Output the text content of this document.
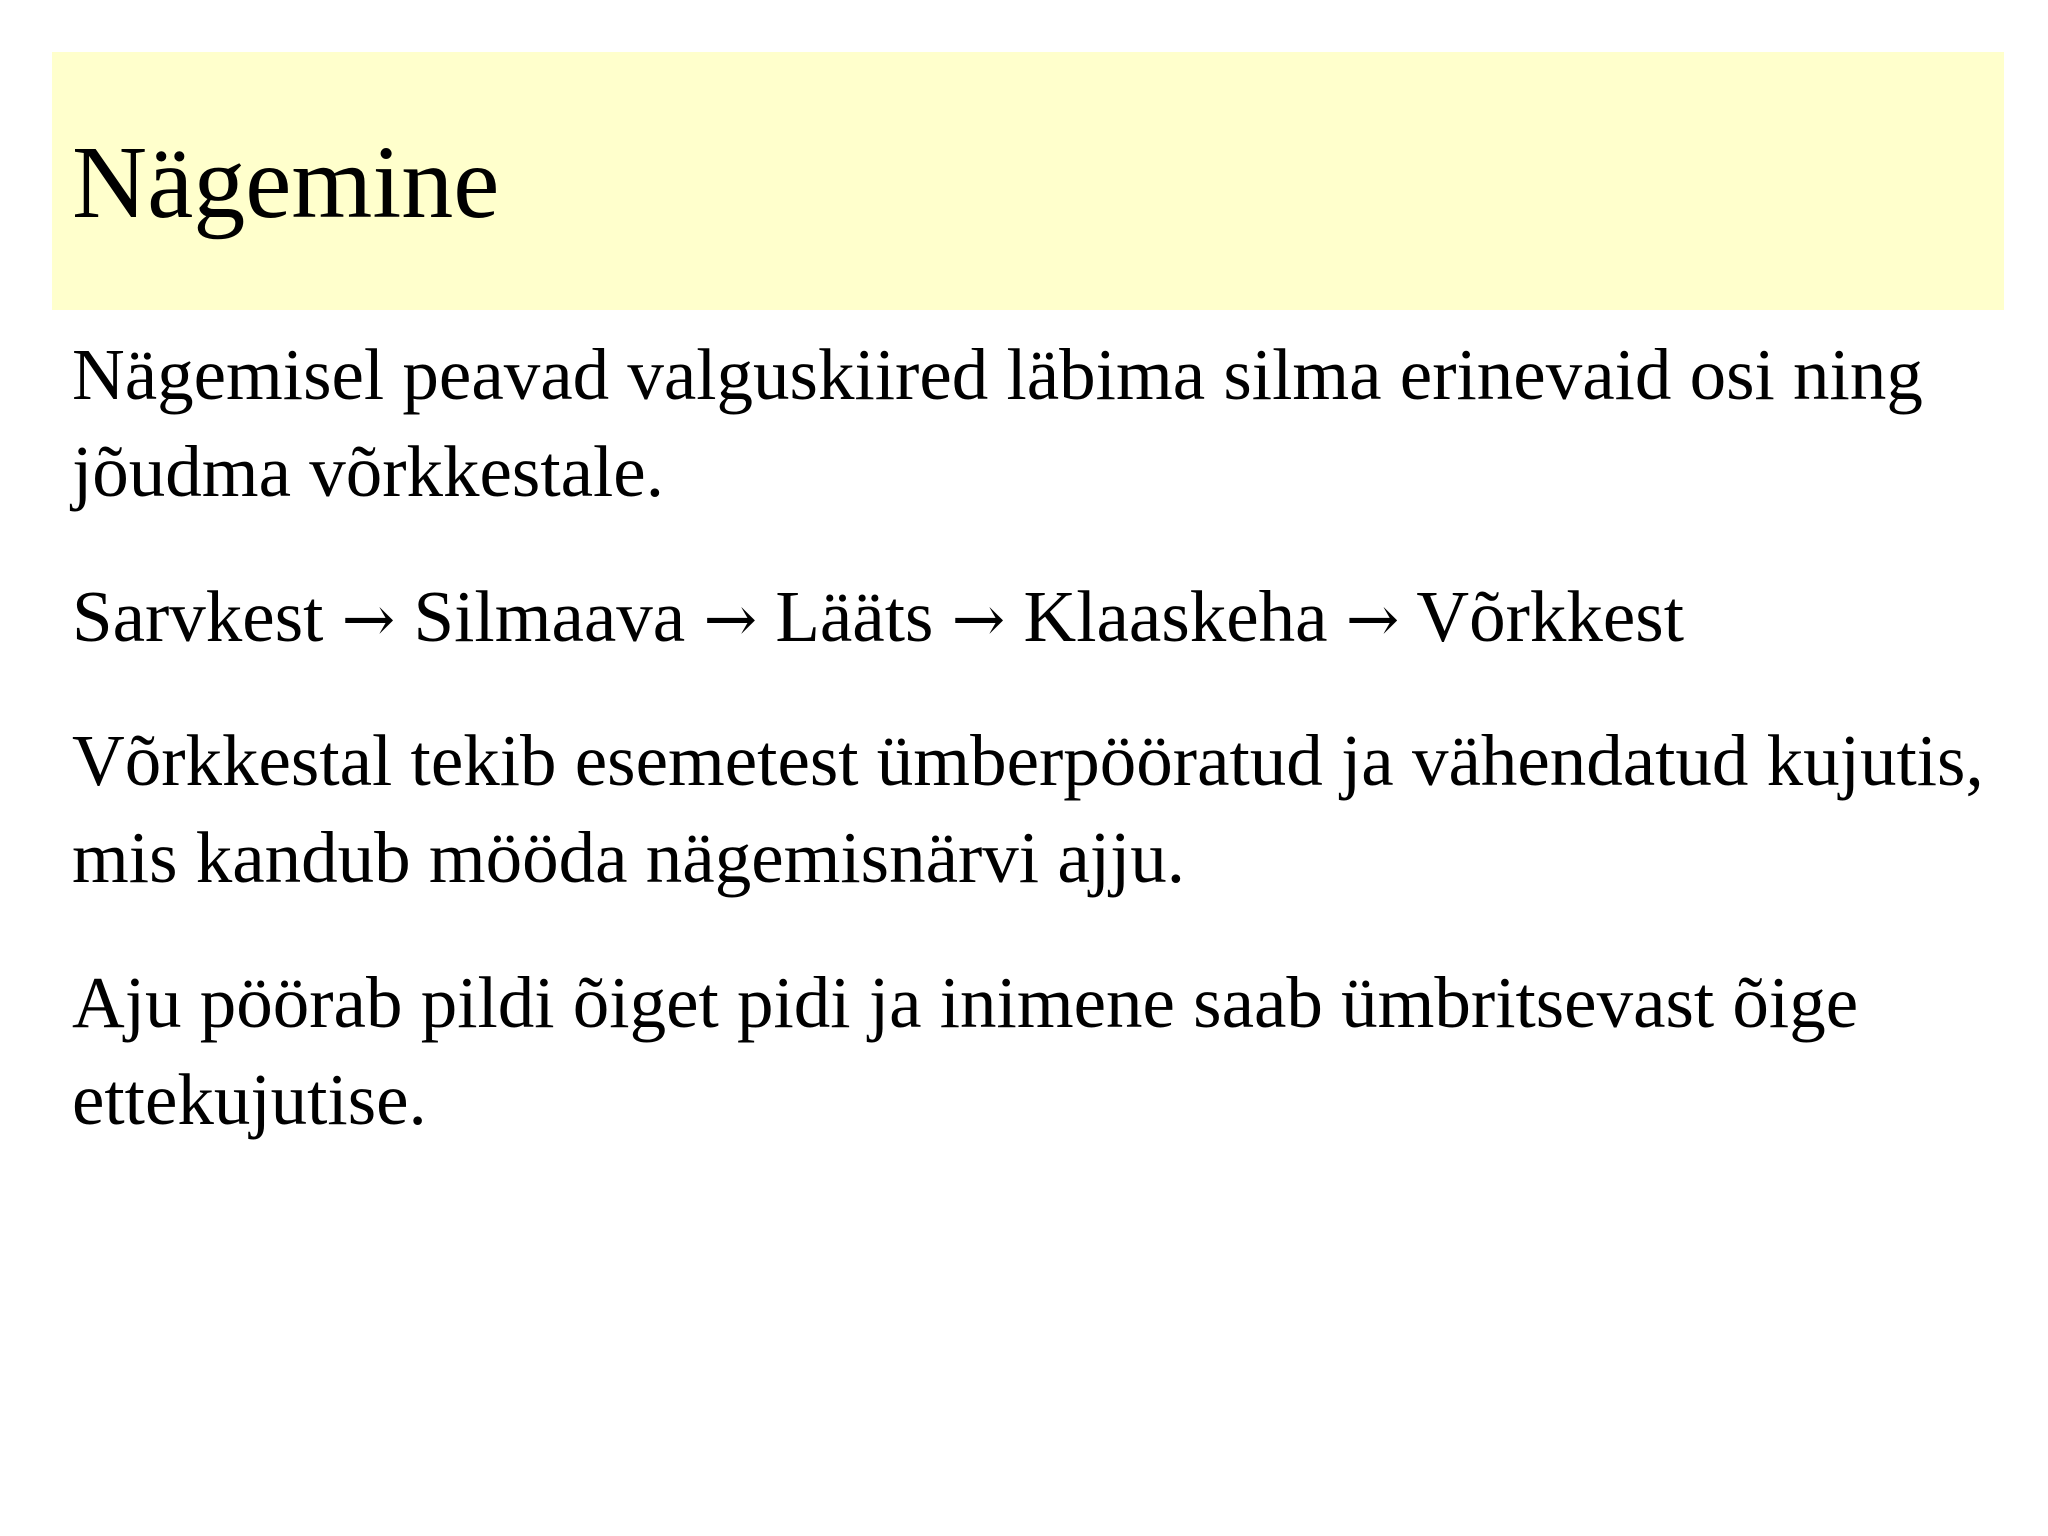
Nägemine

Nägemisel peavad valguskiired läbima silma erinevaid osi ning jõudma võrkkestale.

Sarvkest → Silmaava → Lääts → Klaaskeha → Võrkkest

Võrkkestal tekib esemetest ümberpööratud ja vähendatud kujutis, mis kandub mööda nägemisnärvi ajju.

Aju pöörab pildi õiget pidi ja inimene saab ümbritsevast õige ettekujutise.
